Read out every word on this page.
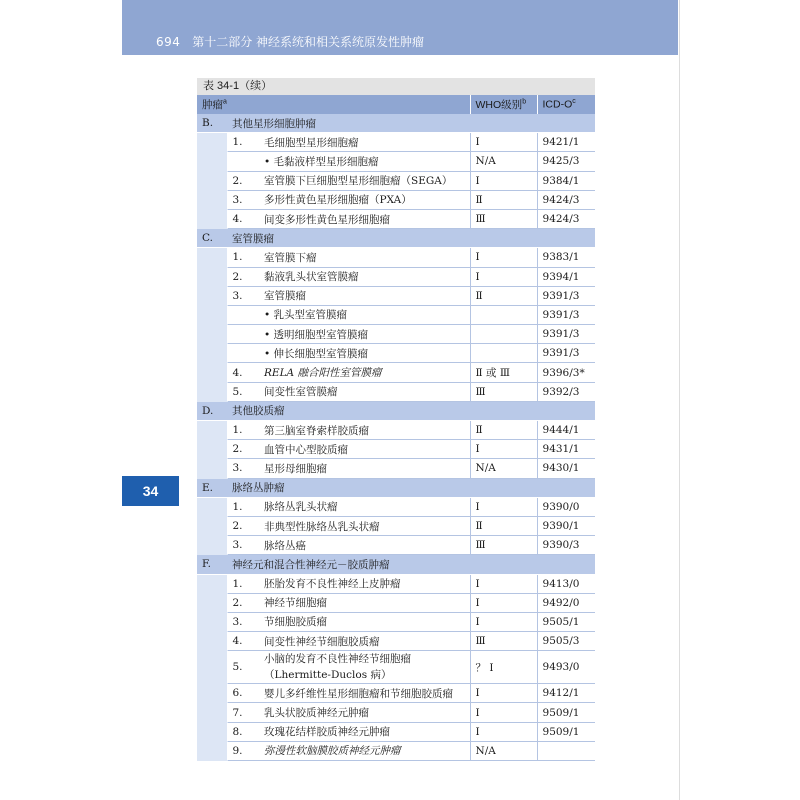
694 第十二部分 神经系统和相关系统原发性肿瘤
34
表 34-1（续）
肿瘤$^a$			WHO级别$^b$	ICD-$O^c$
B.	其他星形细胞肿瘤			
	1.	毛细胞型星形细胞瘤	Ⅰ	9421/1
		• 毛黏液样型星形细胞瘤	N/A	9425/3
	2.	室管膜下巨细胞型星形细胞瘤（SEGA）	Ⅰ	9384/1
	3.	多形性黄色星形细胞瘤（PXA）	Ⅱ	9424/3
	4.	间变多形性黄色星形细胞瘤	Ⅲ	9424/3
C.	室管膜瘤			
	1.	室管膜下瘤	Ⅰ	9383/1
	2.	黏液乳头状室管膜瘤	Ⅰ	9394/1
	3.	室管膜瘤	Ⅱ	9391/3
		• 乳头型室管膜瘤		9391/3
		• 透明细胞型室管膜瘤		9391/3
		• 伸长细胞型室管膜瘤		9391/3
	4.	RELA 融合阳性室管膜瘤	Ⅱ 或 Ⅲ	9396/3*
	5.	间变性室管膜瘤	Ⅲ	9392/3
D.	其他胶质瘤			
	1.	第三脑室脊索样胶质瘤	Ⅱ	9444/1
	2.	血管中心型胶质瘤	Ⅰ	9431/1
	3.	星形母细胞瘤	N/A	9430/1
E.	脉络丛肿瘤			
	1.	脉络丛乳头状瘤	Ⅰ	9390/0
	2.	非典型性脉络丛乳头状瘤	Ⅱ	9390/1
	3.	脉络丛癌	Ⅲ	9390/3
F.	神经元和混合性神经元－胶质肿瘤			
	1.	胚胎发育不良性神经上皮肿瘤	Ⅰ	9413/0
	2.	神经节细胞瘤	Ⅰ	9492/0
	3.	节细胞胶质瘤	Ⅰ	9505/1
	4.	间变性神经节细胞胶质瘤	Ⅲ	9505/3
	5.	小脑的发育不良性神经节细胞瘤
（Lhermitte-Duclos 病）	？ Ⅰ	9493/0
	6.	婴儿多纤维性星形细胞瘤和节细胞胶质瘤	Ⅰ	9412/1
	7.	乳头状胶质神经元肿瘤	Ⅰ	9509/1
	8.	玫瑰花结样胶质神经元肿瘤	Ⅰ	9509/1
	9.	弥漫性软脑膜胶质神经元肿瘤	N/A	
